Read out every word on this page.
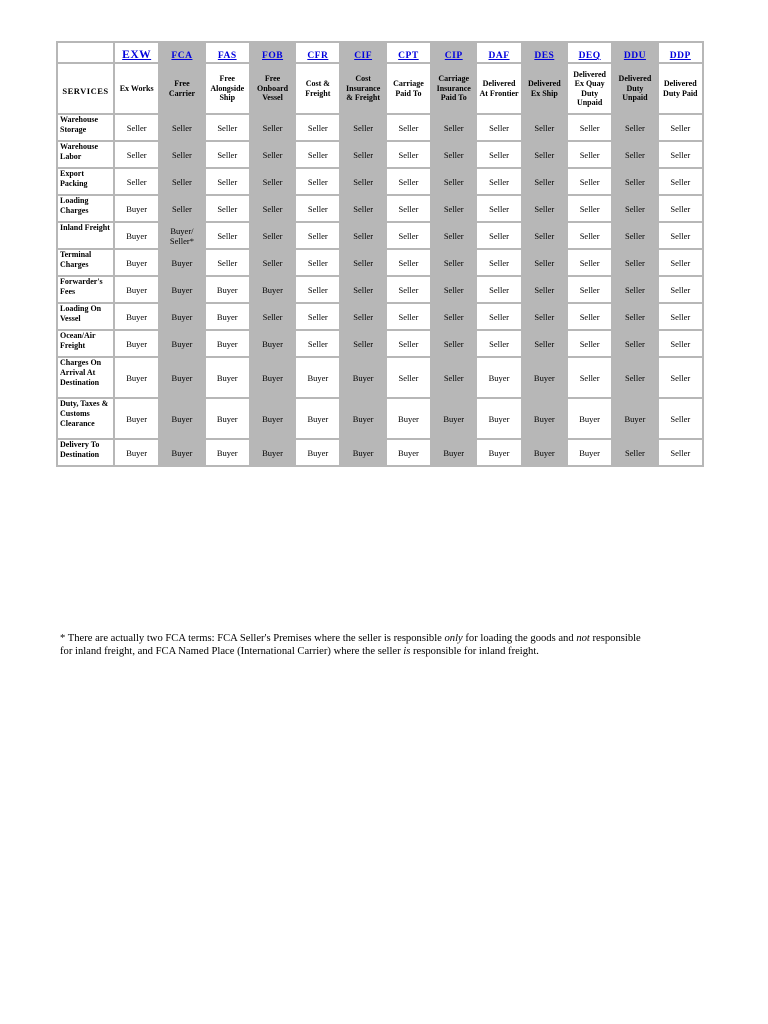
	EXW	FCA	FAS	FOB	CFR	CIF	CPT	CIP	DAF	DES	DEQ	DDU	DDP
SERVICES	Ex Works	Free Carrier	Free Alongside Ship	Free Onboard Vessel	Cost & Freight	Cost Insurance & Freight	Carriage Paid To	Carriage Insurance Paid To	Delivered At Frontier	Delivered Ex Ship	Delivered Ex Quay Duty Unpaid	Delivered Duty Unpaid	Delivered Duty Paid

Warehouse Storage	Seller	Seller	Seller	Seller	Seller	Seller	Seller	Seller	Seller	Seller	Seller	Seller	Seller

Warehouse Labor	Seller	Seller	Seller	Seller	Seller	Seller	Seller	Seller	Seller	Seller	Seller	Seller	Seller

Export Packing	Seller	Seller	Seller	Seller	Seller	Seller	Seller	Seller	Seller	Seller	Seller	Seller	Seller

Loading Charges	Buyer	Seller	Seller	Seller	Seller	Seller	Seller	Seller	Seller	Seller	Seller	Seller	Seller

Inland Freight	Buyer	Buyer/ Seller*	Seller	Seller	Seller	Seller	Seller	Seller	Seller	Seller	Seller	Seller	Seller

Terminal Charges	Buyer	Buyer	Seller	Seller	Seller	Seller	Seller	Seller	Seller	Seller	Seller	Seller	Seller

Forwarder's Fees	Buyer	Buyer	Buyer	Buyer	Seller	Seller	Seller	Seller	Seller	Seller	Seller	Seller	Seller

Loading On Vessel	Buyer	Buyer	Buyer	Seller	Seller	Seller	Seller	Seller	Seller	Seller	Seller	Seller	Seller

Ocean/Air Freight	Buyer	Buyer	Buyer	Buyer	Seller	Seller	Seller	Seller	Seller	Seller	Seller	Seller	Seller

Charges On Arrival At Destination	Buyer	Buyer	Buyer	Buyer	Buyer	Buyer	Seller	Seller	Buyer	Buyer	Seller	Seller	Seller

Duty, Taxes & Customs Clearance	Buyer	Buyer	Buyer	Buyer	Buyer	Buyer	Buyer	Buyer	Buyer	Buyer	Buyer	Buyer	Seller

Delivery To Destination	Buyer	Buyer	Buyer	Buyer	Buyer	Buyer	Buyer	Buyer	Buyer	Buyer	Buyer	Seller	Seller

* There are actually two FCA terms: FCA Seller's Premises where the seller is responsible only for loading the goods and not responsible for inland freight, and FCA Named Place (International Carrier) where the seller is responsible for inland freight.
